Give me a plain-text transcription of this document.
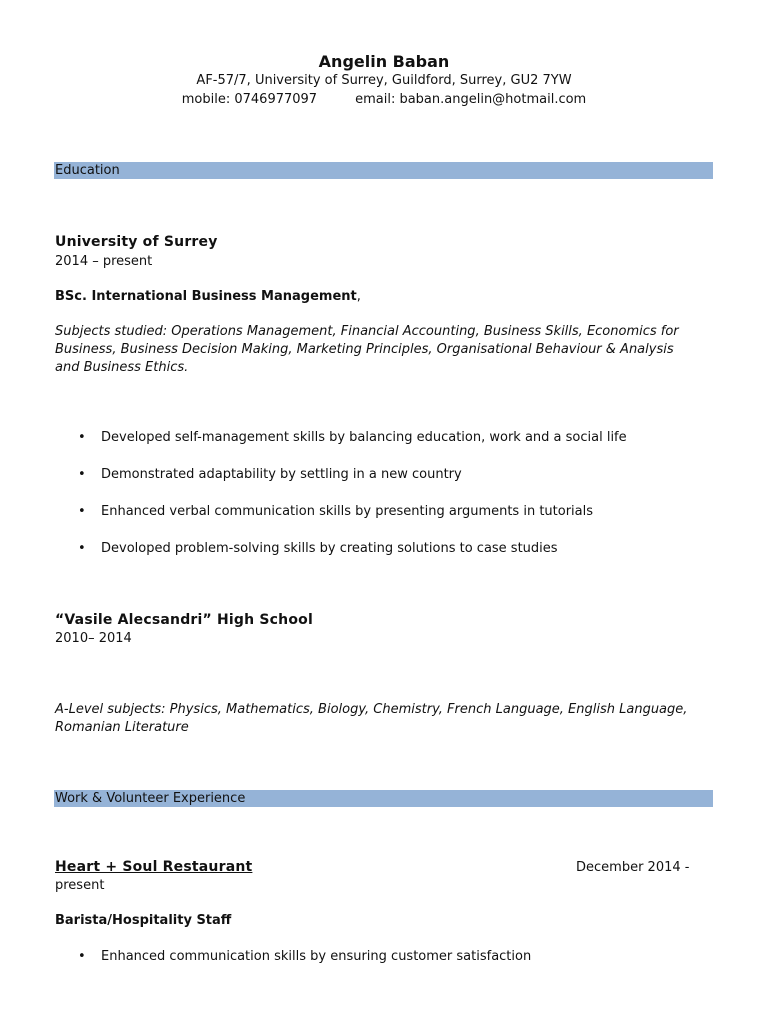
Angelin Baban
AF-57/7, University of Surrey, Guildford, Surrey, GU2 7YW
mobile: 0746977097	email: baban.angelin@hotmail.com
Education
University of Surrey
2014 – present
BSc. International Business Management,
Subjects studied: Operations Management, Financial Accounting, Business Skills, Economics for Business, Business Decision Making, Marketing Principles, Organisational Behaviour & Analysis and Business Ethics.
• Developed self-management skills by balancing education, work and a social life
• Demonstrated adaptability by settling in a new country
• Enhanced verbal communication skills by presenting arguments in tutorials
• Devoloped problem-solving skills by creating solutions to case studies
“Vasile Alecsandri” High School
2010– 2014
A-Level subjects: Physics, Mathematics, Biology, Chemistry, French Language, English Language, Romanian Literature
Work & Volunteer Experience
Heart + Soul Restaurant	December 2014 -
present
Barista/Hospitality Staff
• Enhanced communication skills by ensuring customer satisfaction
